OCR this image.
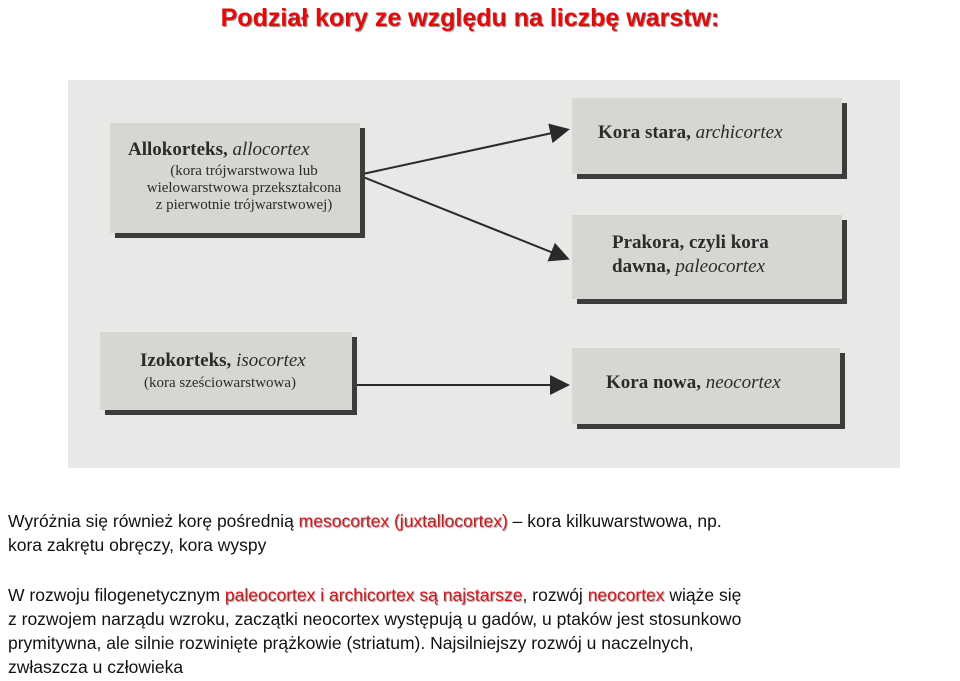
Podział kory ze względu na liczbę warstw:
Allokorteks, allocortex
(kora trójwarstwowa lub
wielowarstwowa przekształcona
z pierwotnie trójwarstwowej)
Kora stara, archicortex
Prakora, czyli kora
dawna, paleocortex
Izokorteks, isocortex
(kora sześciowarstwowa)	Kora nowa, neocortex
Wyróżnia się również korę pośrednią mesocortex (juxtallocortex) – kora kilkuwarstwowa, np.
kora zakrętu obręczy, kora wyspy
W rozwoju filogenetycznym paleocortex i archicortex są najstarsze, rozwój neocortex wiąże się
z rozwojem narządu wzroku, zaczątki neocortex występują u gadów, u ptaków jest stosunkowo
prymitywna, ale silnie rozwinięte prążkowie (striatum). Najsilniejszy rozwój u naczelnych,
zwłaszcza u człowieka
